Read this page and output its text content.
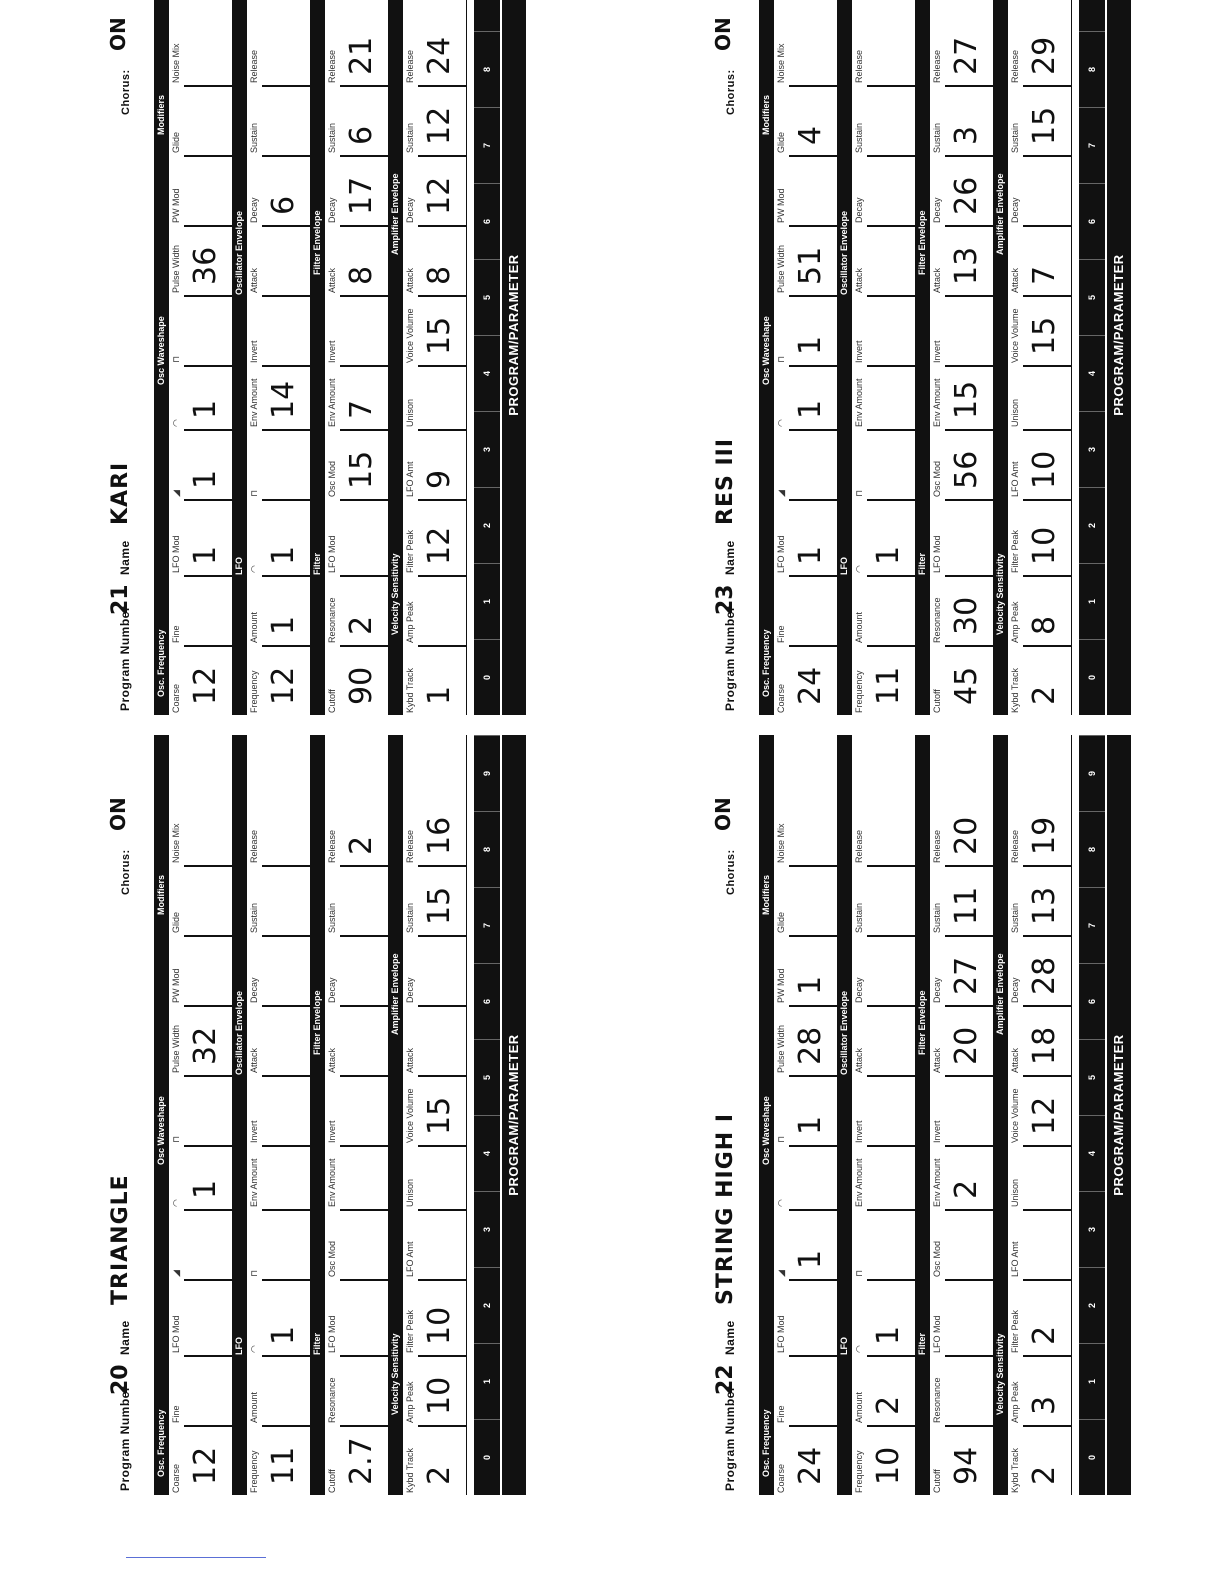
Program Number
20
Name
TRIANGLE
Chorus:
ON
Osc. Frequency
Osc Waveshape
Modifiers
Coarse
Fine
LFO Mod
◢
◠
⊓
Pulse Width
PW Mod
Glide
Noise Mix
12
1
32
LFO
Oscillator Envelope
Frequency
Amount
◠
⊓
Env Amount
Invert
Attack
Decay
Sustain
Release
11
1 Filter
Filter Envelope
Cutoff
Resonance
LFO Mod
Osc Mod
Env Amount
Invert
Attack
Decay
Sustain
Release
2.7
2
Velocity Sensitivity
Amplifier Envelope
Kybd Track
Amp Peak
Filter Peak
LFO Amt
Unison
Voice Volume
Attack
Decay
Sustain
Release
2
10
10
15
15
16
0
1
2
3
4
5
6
7
8
9
PROGRAM/PARAMETER
Program Number
21
Name
KARI
Chorus:
ON
Osc. Frequency
Osc Waveshape
Modifiers
Coarse
Fine
LFO Mod
◢
◠
⊓
Pulse Width
PW Mod
Glide
Noise Mix
12
1
1
1
36
LFO
Oscillator Envelope
Frequency
Amount
◠
⊓
Env Amount
Invert
Attack
Decay
Sustain
Release
12
1
1
14
6
Filter
Filter Envelope
Cutoff
Resonance
LFO Mod
Osc Mod
Env Amount
Invert
Attack
Decay
Sustain
Release
90
2
15
7
8
17
6
21
Velocity Sensitivity
Amplifier Envelope
Kybd Track
Amp Peak
Filter Peak
LFO Amt
Unison
Voice Volume
Attack
Decay
Sustain
Release
1
12
9
15
8
12
12
24
0
1
2
3
4
5
6
7
8
PROGRAM/PARAMETER
Program Number
22
Name
STRING HIGH I
Chorus:
ON
Osc. Frequency
Osc Waveshape
Modifiers
Coarse
Fine
LFO Mod
◢
◠
⊓
Pulse Width
PW Mod
Glide
Noise Mix
24
1
1
28
1
LFO
Oscillator Envelope
Frequency
Amount
◠
⊓
Env Amount
Invert
Attack
Decay
Sustain
Release
10
2
1 Filter
Filter Envelope
Cutoff
Resonance
LFO Mod
Osc Mod
Env Amount
Invert
Attack
Decay
Sustain
Release
94
2
20
27
11
20
Velocity Sensitivity
Amplifier Envelope
Kybd Track
Amp Peak
Filter Peak
LFO Amt
Unison
Voice Volume
Attack
Decay
Sustain
Release
2
3
2
12
18
28
13
19
0
1
2
3
4
5
6
7
8
9
PROGRAM/PARAMETER
Program Number
23
Name
RES III
Chorus:
ON
Osc. Frequency
Osc Waveshape
Modifiers
Coarse
Fine
LFO Mod
◢
◠
⊓
Pulse Width
PW Mod
Glide
Noise Mix
24
1
1
1
51
4
LFO
Oscillator Envelope
Frequency
Amount
◠
⊓
Env Amount
Invert
Attack
Decay
Sustain
Release
11
1 Filter
Filter Envelope
Cutoff
Resonance
LFO Mod
Osc Mod
Env Amount
Invert
Attack
Decay
Sustain
Release
45
30
56
15
13
26
3
27
Velocity Sensitivity
Amplifier Envelope
Kybd Track
Amp Peak
Filter Peak
LFO Amt
Unison
Voice Volume
Attack
Decay
Sustain
Release
2
8
10
10
15
7
15
29
0
1
2
3
4
5
6
7
8
PROGRAM/PARAMETER
